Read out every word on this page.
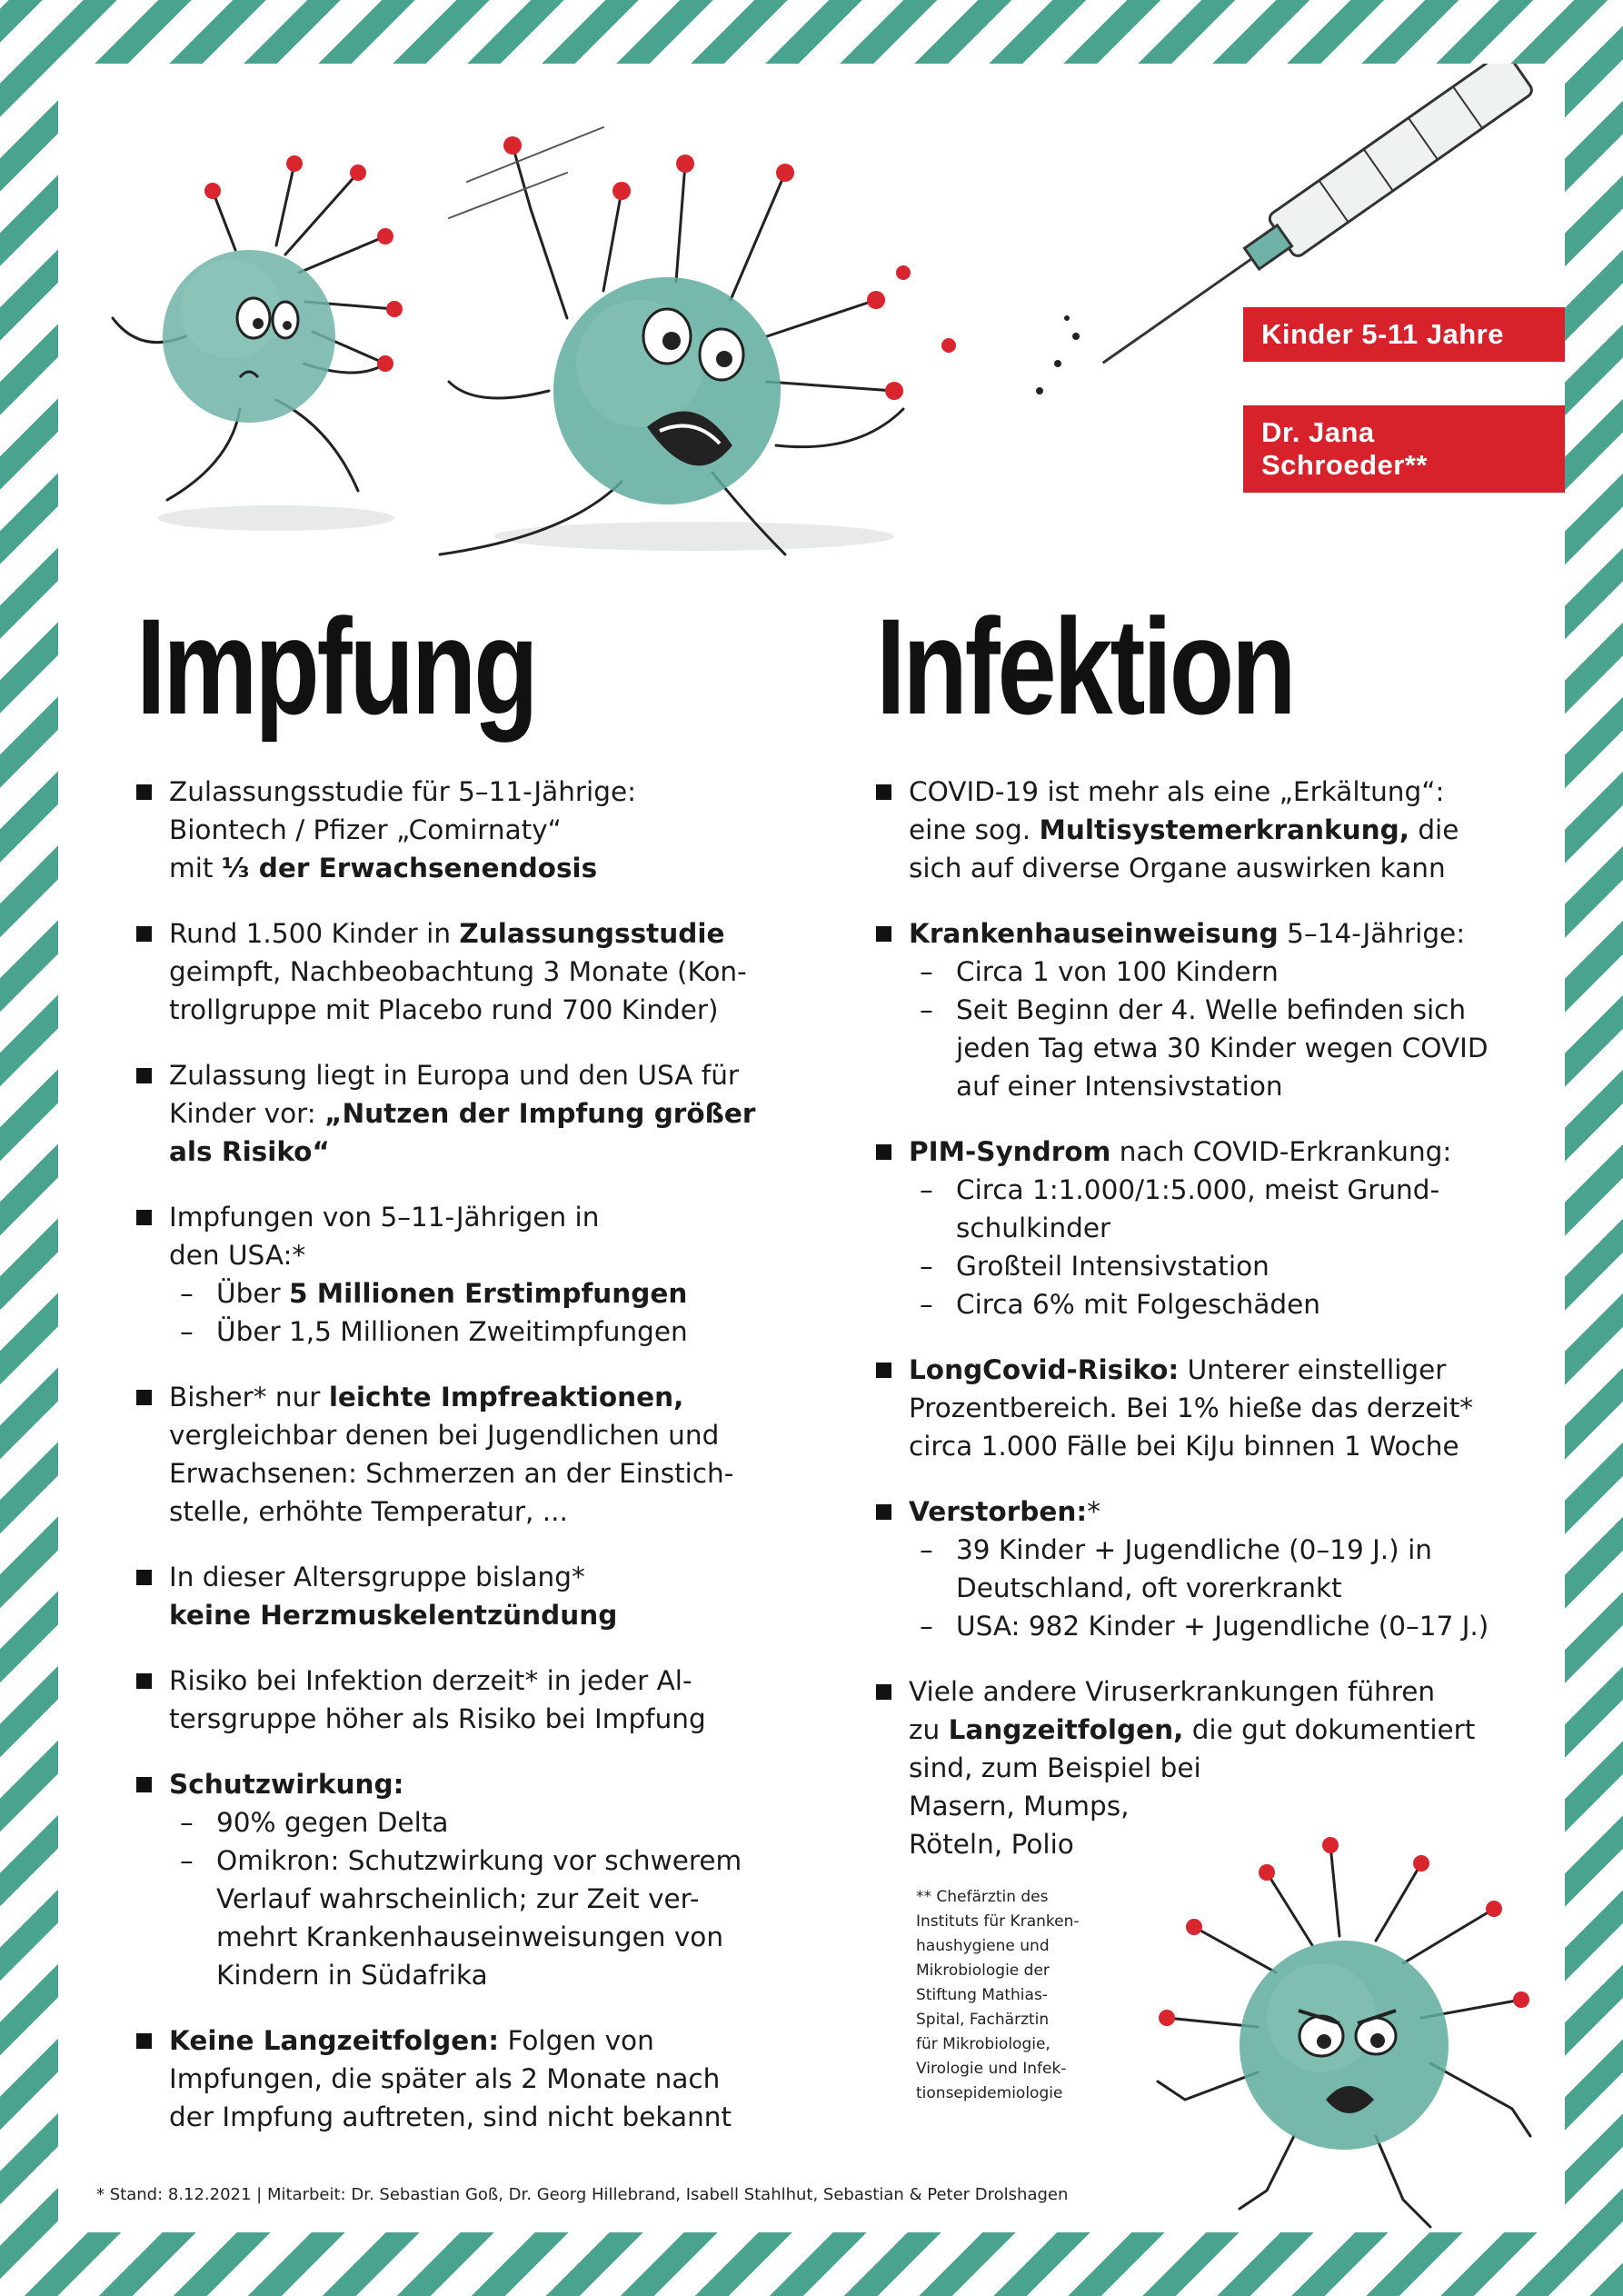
Kinder 5-11 Jahre
Dr. Jana Schroeder**
Impfung Infektion
Zulassungsstudie für 5–11-Jährige:
Biontech / Pfizer „Comirnaty“
mit ⅓ der Erwachsenendosis
Rund 1.500 Kinder in Zulassungsstudie
geimpft, Nachbeobachtung 3 Monate (Kon-
trollgruppe mit Placebo rund 700 Kinder)
Zulassung liegt in Europa und den USA für
Kinder vor: „Nutzen der Impfung größer
als Risiko“
Impfungen von 5–11-Jährigen in
den USA:*
– Über 5 Millionen Erstimpfungen
– Über 1,5 Millionen Zweitimpfungen
Bisher* nur leichte Impfreaktionen,
vergleichbar denen bei Jugendlichen und
Erwachsenen: Schmerzen an der Einstich-
stelle, erhöhte Temperatur, ...
In dieser Altersgruppe bislang*
keine Herzmuskelentzündung
Risiko bei Infektion derzeit* in jeder Al-
tersgruppe höher als Risiko bei Impfung
Schutzwirkung:
– 90% gegen Delta
– Omikron: Schutzwirkung vor schwerem
Verlauf wahrscheinlich; zur Zeit ver-
mehrt Krankenhauseinweisungen von
Kindern in Südafrika
Keine Langzeitfolgen: Folgen von
Impfungen, die später als 2 Monate nach
der Impfung auftreten, sind nicht bekannt
COVID-19 ist mehr als eine „Erkältung“:
eine sog. Multisystemerkrankung, die
sich auf diverse Organe auswirken kann
Krankenhauseinweisung 5–14-Jährige:
– Circa 1 von 100 Kindern
– Seit Beginn der 4. Welle befinden sich
jeden Tag etwa 30 Kinder wegen COVID
auf einer Intensivstation
PIM-Syndrom nach COVID-Erkrankung:
– Circa 1:1.000/1:5.000, meist Grund-
schulkinder
– Großteil Intensivstation
– Circa 6% mit Folgeschäden
LongCovid-Risiko: Unterer einstelliger
Prozentbereich. Bei 1% hieße das derzeit*
circa 1.000 Fälle bei KiJu binnen 1 Woche
Verstorben:*
– 39 Kinder + Jugendliche (0–19 J.) in
Deutschland, oft vorerkrankt
– USA: 982 Kinder + Jugendliche (0–17 J.)
Viele andere Viruserkrankungen führen
zu Langzeitfolgen, die gut dokumentiert
sind, zum Beispiel bei
Masern, Mumps,
Röteln, Polio
** Chefärztin des
Instituts für Kranken-
haushygiene und
Mikrobiologie der
Stiftung Mathias-
Spital, Fachärztin
für Mikrobiologie,
Virologie und Infek-
tionsepidemiologie
* Stand: 8.12.2021 | Mitarbeit: Dr. Sebastian Goß, Dr. Georg Hillebrand, Isabell Stahlhut, Sebastian & Peter Drolshagen
